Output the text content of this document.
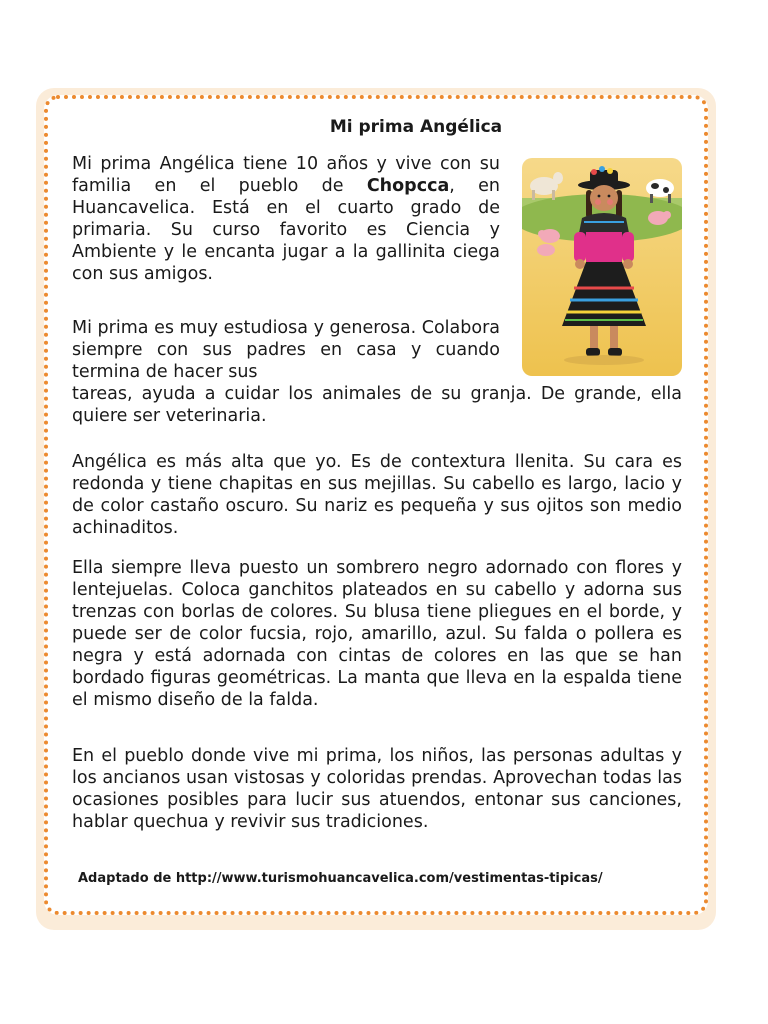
Mi prima Angélica
Mi prima Angélica tiene 10 años y vive con su familia en el pueblo de Chopcca, en Huancavelica. Está en el cuarto grado de primaria. Su curso favorito es Ciencia y Ambiente y le encanta jugar a la gallinita ciega con sus amigos.
Mi prima es muy estudiosa y generosa. Colabora siempre con sus padres en casa y cuando termina de hacer sus
tareas, ayuda a cuidar los animales de su granja. De grande, ella quiere ser veterinaria.
Angélica es más alta que yo. Es de contextura llenita. Su cara es redonda y tiene chapitas en sus mejillas. Su cabello es largo, lacio y de color castaño oscuro. Su nariz es pequeña y sus ojitos son medio achinaditos.
Ella siempre lleva puesto un sombrero negro adornado con flores y lentejuelas. Coloca ganchitos plateados en su cabello y adorna sus trenzas con borlas de colores. Su blusa tiene pliegues en el borde, y puede ser de color fucsia, rojo, amarillo, azul. Su falda o pollera es negra y está adornada con cintas de colores en las que se han bordado figuras geométricas. La manta que lleva en la espalda tiene el mismo diseño de la falda.
En el pueblo donde vive mi prima, los niños, las personas adultas y los ancianos usan vistosas y coloridas prendas. Aprovechan todas las ocasiones posibles para lucir sus atuendos, entonar sus canciones, hablar quechua y revivir sus tradiciones.
Adaptado de http://www.turismohuancavelica.com/vestimentas-tipicas/
